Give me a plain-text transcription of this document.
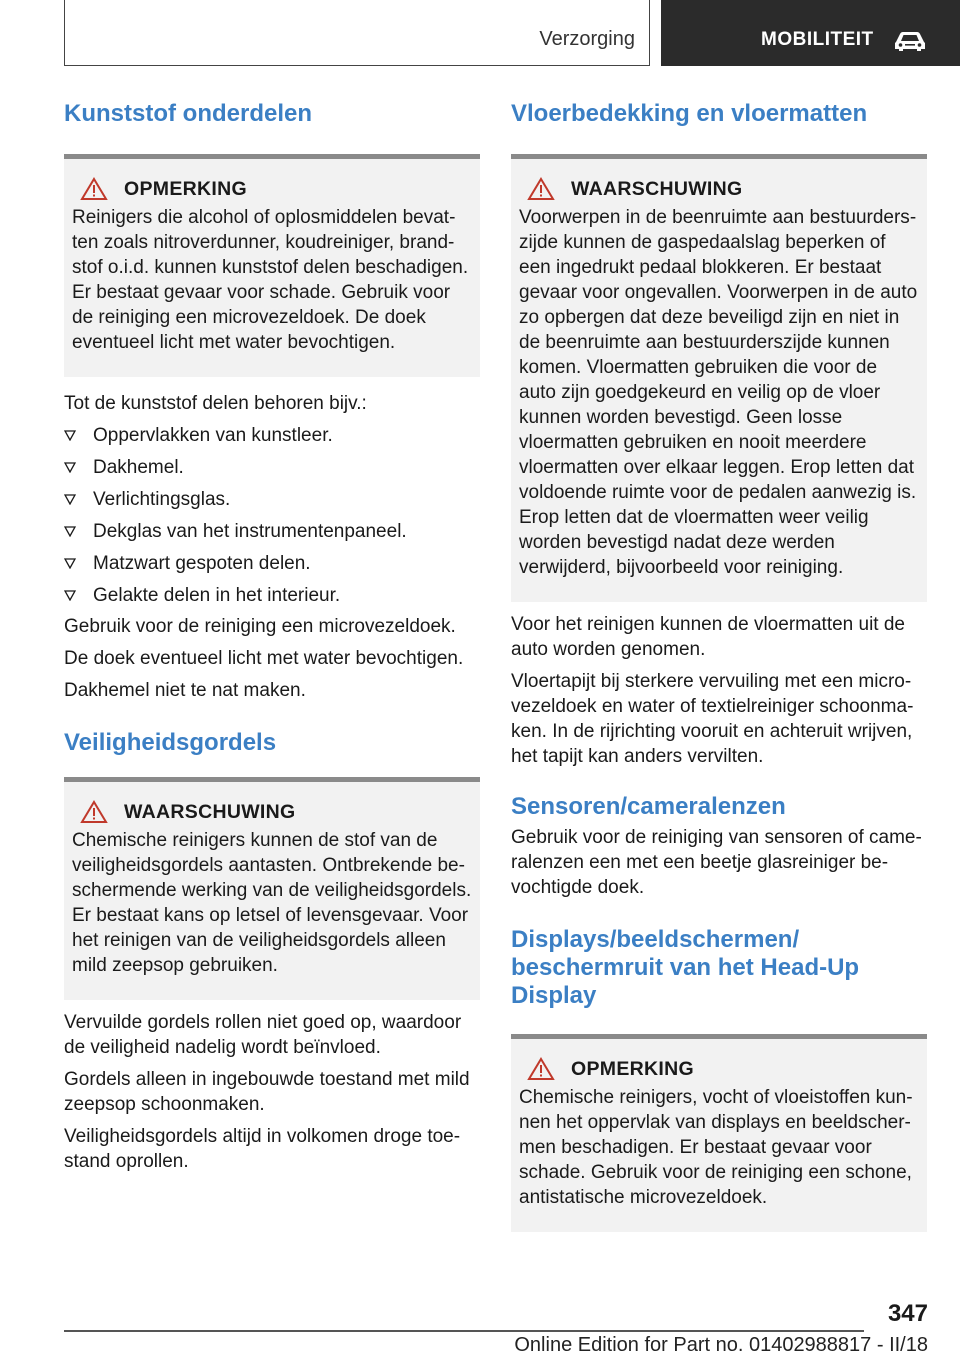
Verzorging	MOBILITEIT
Kunststof onderdelen
OPMERKING
Reinigers die alcohol of oplosmiddelen bevatten zoals nitroverdunner, koudreiniger, brandstof o.i.d. kunnen kunststof delen beschadigen. Er bestaat gevaar voor schade. Gebruik voor de reiniging een microvezeldoek. De doek eventueel licht met water bevochtigen.

Tot de kunststof delen behoren bijv.:

Oppervlakken van kunstleer.
Dakhemel.
Verlichtingsglas.
Dekglas van het instrumentenpaneel.
Matzwart gespoten delen.
Gelakte delen in het interieur.

Gebruik voor de reiniging een microvezeldoek.

De doek eventueel licht met water bevochtigen.

Dakhemel niet te nat maken.

Veiligheidsgordels
WAARSCHUWING
Chemische reinigers kunnen de stof van de veiligheidsgordels aantasten. Ontbrekende beschermende werking van de veiligheidsgordels. Er bestaat kans op letsel of levensgevaar. Voor het reinigen van de veiligheidsgordels alleen mild zeepsop gebruiken.

Vervuilde gordels rollen niet goed op, waardoor de veiligheid nadelig wordt beïnvloed.

Gordels alleen in ingebouwde toestand met mild zeepsop schoonmaken.

Veiligheidsgordels altijd in volkomen droge toestand oprollen.

Vloerbedekking en vloermatten
WAARSCHUWING
Voorwerpen in de beenruimte aan bestuurderszijde kunnen de gaspedaalslag beperken of een ingedrukt pedaal blokkeren. Er bestaat gevaar voor ongevallen. Voorwerpen in de auto zo opbergen dat deze beveiligd zijn en niet in de beenruimte aan bestuurderszijde kunnen komen. Vloermatten gebruiken die voor de auto zijn goedgekeurd en veilig op de vloer kunnen worden bevestigd. Geen losse vloermatten gebruiken en nooit meerdere vloermatten over elkaar leggen. Erop letten dat voldoende ruimte voor de pedalen aanwezig is. Erop letten dat de vloermatten weer veilig worden bevestigd nadat deze werden verwijderd, bijvoorbeeld voor reiniging.

Voor het reinigen kunnen de vloermatten uit de auto worden genomen.

Vloertapijt bij sterkere vervuiling met een microvezeldoek en water of textielreiniger schoonmaken. In de rijrichting vooruit en achteruit wrijven, het tapijt kan anders vervilten.

Sensoren/cameralenzen

Gebruik voor de reiniging van sensoren of cameralenzen een met een beetje glasreiniger bevochtigde doek.

Displays/beeldschermen/ beschermruit van het Head-Up Display
OPMERKING
Chemische reinigers, vocht of vloeistoffen kunnen het oppervlak van displays en beeldschermen beschadigen. Er bestaat gevaar voor schade. Gebruik voor de reiniging een schone, antistatische microvezeldoek.
347
Online Edition for Part no. 01402988817 - II/18
